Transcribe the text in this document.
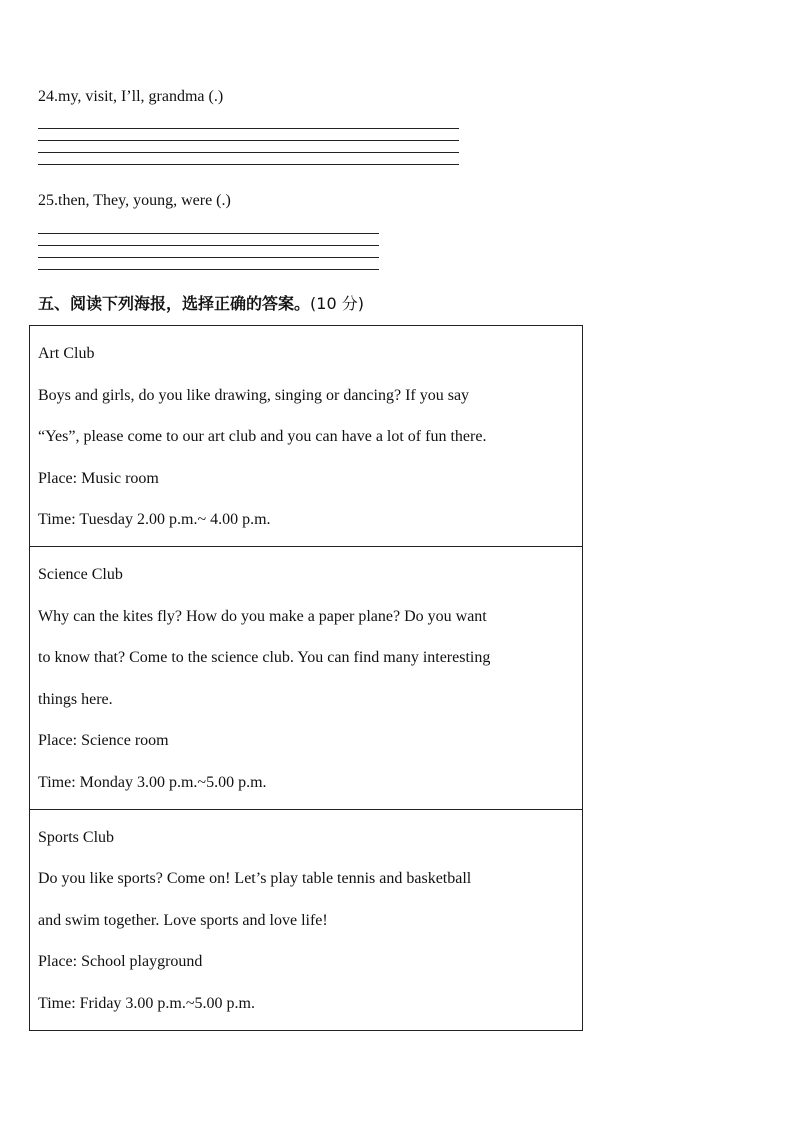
24.my, visit, I’ll, grandma (.)
25.then, They, young, were (.)
五、阅读下列海报，选择正确的答案。(10 分)

Art Club

Boys and girls, do you like drawing, singing or dancing? If you say

“Yes”, please come to our art club and you can have a lot of fun there.

Place: Music room

Time: Tuesday 2.00 p.m.~ 4.00 p.m.

Science Club

Why can the kites fly? How do you make a paper plane? Do you want

to know that? Come to the science club. You can find many interesting

things here.

Place: Science room

Time: Monday 3.00 p.m.~5.00 p.m.

Sports Club

Do you like sports? Come on! Let’s play table tennis and basketball

and swim together. Love sports and love life!

Place: School playground

Time: Friday 3.00 p.m.~5.00 p.m.
